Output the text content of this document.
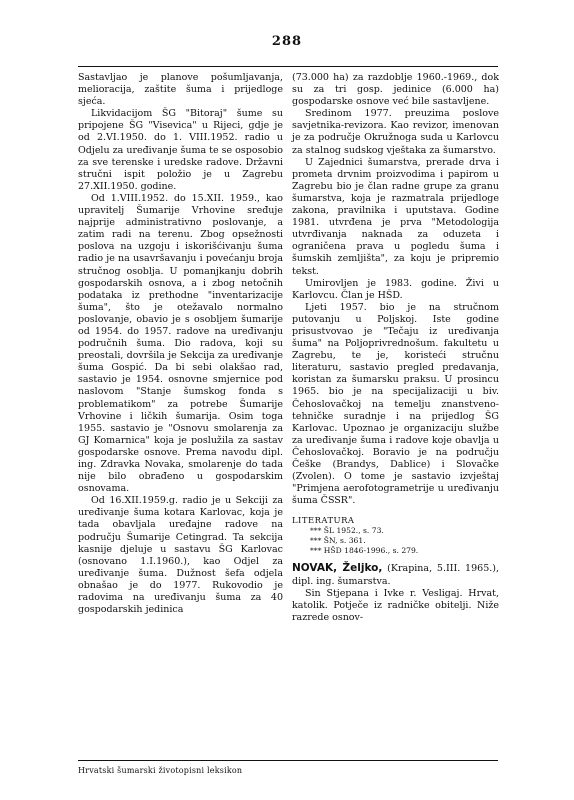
288

Sastavljao je planove pošumljavanja, melioracija, zaštite šuma i prijedloge sjeća.

Likvidacijom ŠG "Bitoraj" šume su pripojene ŠG "Visevica" u Rijeci, gdje je od 2.VI.1950. do 1. VIII.1952. radio u Odjelu za uređivanje šuma te se osposobio za sve terenske i uredske radove. Državni stručni ispit položio je u Zagrebu 27.XII.1950. godine.

Od 1.VIII.1952. do 15.XII. 1959., kao upravitelj Šumarije Vrhovine sređuje najprije administrativno poslovanje, a zatim radi na terenu. Zbog opsežnosti poslova na uzgoju i iskorišćivanju šuma radio je na usavršavanju i povećanju broja stručnog osoblja. U pomanjkanju dobrih gospodarskih osnova, a i zbog netočnih podataka iz prethodne "inventarizacije šuma", što je otežavalo normalno poslovanje, obavio je s osobljem šumarije od 1954. do 1957. radove na uređivanju područnih šuma. Dio radova, koji su preostali, dovršila je Sekcija za uređivanje šuma Gospić. Da bi sebi olakšao rad, sastavio je 1954. osnovne smjernice pod naslovom "Stanje šumskog fonda s problematikom" za potrebe Šumarije Vrhovine i ličkih šumarija. Osim toga 1955. sastavio je "Osnovu smolarenja za GJ Komarnica" koja je poslužila za sastav gospodarske osnove. Prema navodu dipl. ing. Zdravka Novaka, smolarenje do tada nije bilo obrađeno u gospodarskim osnovama.

Od 16.XII.1959.g. radio je u Sekciji za uređivanje šuma kotara Karlovac, koja je tada obavljala uređajne radove na području Šumarije Cetingrad. Ta sekcija kasnije djeluje u sastavu ŠG Karlovac (osnovano 1.I.1960.), kao Odjel za uređivanje šuma. Dužnost šefa odjela obnašao je do 1977. Rukovodio je radovima na uređivanju šuma za 40 gospodarskih jedinica

(73.000 ha) za razdoblje 1960.-1969., dok su za tri gosp. jedinice (6.000 ha) gospodarske osnove već bile sastavljene.

Sredinom 1977. preuzima poslove savjetnika-revizora. Kao revizor, imenovan je za područje Okružnoga suda u Karlovcu za stalnog sudskog vještaka za šumarstvo.

U Zajednici šumarstva, prerade drva i prometa drvnim proizvodima i papirom u Zagrebu bio je član radne grupe za granu šumarstva, koja je razmatrala prijedloge zakona, pravilnika i uputstava. Godine 1981. utvrđena je prva "Metodologija utvrđivanja naknada za oduzeta i ograničena prava u pogledu šuma i šumskih zemljišta", za koju je pripremio tekst.

Umirovljen je 1983. godine. Živi u Karlovcu. Član je HŠD.

Ljeti 1957. bio je na stručnom putovanju u Poljskoj. Iste godine prisustvovao je "Tečaju iz uređivanja šuma" na Poljoprivrednošum. fakultetu u Zagrebu, te je, koristeći stručnu literaturu, sastavio pregled predavanja, koristan za šumarsku praksu. U prosincu 1965. bio je na specijalizaciji u biv. Čehoslovačkoj na temelju znanstveno-tehničke suradnje i na prijedlog ŠG Karlovac. Upoznao je organizaciju službe za uređivanje šuma i radove koje obavlja u Čehoslovačkoj. Boravio je na području Češke (Brandys, Dablice) i Slovačke (Zvolen). O tome je sastavio izvještaj "Primjena aerofotogrametrije u uređivanju šuma ČSSR".

LITERATURA

*** ŠL 1952., s. 73.

*** ŠN, s. 361.

*** HŠD 1846-1996., s. 279.

NOVAK, Željko, (Krapina, 5.III. 1965.), dipl. ing. šumarstva.

Sin Stjepana i Ivke r. Vesligaj. Hrvat, katolik. Potječe iz radničke obitelji. Niže razrede osnov-

Hrvatski šumarski životopisni leksikon
